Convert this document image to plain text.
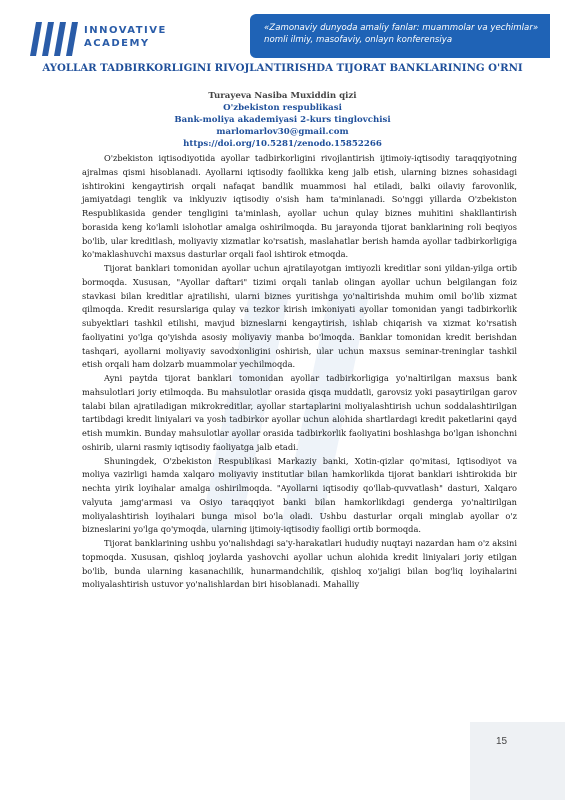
INNOVATIVE
ACADEMY
«Zamonaviy dunyoda amaliy fanlar: muammolar va yechimlar» nomli ilmiy, masofaviy, onlayn konferensiya
AYOLLAR TADBIRKORLIGINI RIVOJLANTIRISHDA TIJORAT BANKLARINING O'RNI
Turayeva Nasiba Muxiddin qizi
O'zbekiston respublikasi
Bank-moliya akademiyasi 2-kurs tinglovchisi
marlomarlov30@gmail.com
https://doi.org/10.5281/zenodo.15852266

O'zbekiston iqtisodiyotida ayollar tadbirkorligini rivojlantirish ijtimoiy-iqtisodiy taraqqiyotning ajralmas qismi hisoblanadi. Ayollarni iqtisodiy faollikka keng jalb etish, ularning biznes sohasidagi ishtirokini kengaytirish orqali nafaqat bandlik muammosi hal etiladi, balki oilaviy farovonlik, jamiyatdagi tenglik va inklyuziv iqtisodiy o'sish ham ta'minlanadi. So'nggi yillarda O'zbekiston Respublikasida gender tengligini ta'minlash, ayollar uchun qulay biznes muhitini shakllantirish borasida keng ko'lamli islohotlar amalga oshirilmoqda. Bu jarayonda tijorat banklarining roli beqiyos bo'lib, ular kreditlash, moliyaviy xizmatlar ko'rsatish, maslahatlar berish hamda ayollar tadbirkorligiga ko'maklashuvchi maxsus dasturlar orqali faol ishtirok etmoqda.

Tijorat banklari tomonidan ayollar uchun ajratilayotgan imtiyozli kreditlar soni yildan-yilga ortib bormoqda. Xususan, "Ayollar daftari" tizimi orqali tanlab olingan ayollar uchun belgilangan foiz stavkasi bilan kreditlar ajratilishi, ularni biznes yuritishga yo'naltirishda muhim omil bo'lib xizmat qilmoqda. Kredit resurslariga qulay va tezkor kirish imkoniyati ayollar tomonidan yangi tadbirkorlik subyektlari tashkil etilishi, mavjud bizneslarni kengaytirish, ishlab chiqarish va xizmat ko'rsatish faoliyatini yo'lga qo'yishda asosiy moliyaviy manba bo'lmoqda. Banklar tomonidan kredit berishdan tashqari, ayollarni moliyaviy savodxonligini oshirish, ular uchun maxsus seminar-treninglar tashkil etish orqali ham dolzarb muammolar yechilmoqda.

Ayni paytda tijorat banklari tomonidan ayollar tadbirkorligiga yo'naltirilgan maxsus bank mahsulotlari joriy etilmoqda. Bu mahsulotlar orasida qisqa muddatli, garovsiz yoki pasaytirilgan garov talabi bilan ajratiladigan mikrokreditlar, ayollar startaplarini moliyalashtirish uchun soddalashtirilgan tartibdagi kredit liniyalari va yosh tadbirkor ayollar uchun alohida shartlardagi kredit paketlarini qayd etish mumkin. Bunday mahsulotlar ayollar orasida tadbirkorlik faoliyatini boshlashga bo'lgan ishonchni oshirib, ularni rasmiy iqtisodiy faoliyatga jalb etadi.

Shuningdek, O'zbekiston Respublikasi Markaziy banki, Xotin-qizlar qo'mitasi, Iqtisodiyot va moliya vazirligi hamda xalqaro moliyaviy institutlar bilan hamkorlikda tijorat banklari ishtirokida bir nechta yirik loyihalar amalga oshirilmoqda. "Ayollarni iqtisodiy qo'llab-quvvatlash" dasturi, Xalqaro valyuta jamg'armasi va Osiyo taraqqiyot banki bilan hamkorlikdagi genderga yo'naltirilgan moliyalashtirish loyihalari bunga misol bo'la oladi. Ushbu dasturlar orqali minglab ayollar o'z bizneslarini yo'lga qo'ymoqda, ularning ijtimoiy-iqtisodiy faolligi ortib bormoqda.

Tijorat banklarining ushbu yo'nalishdagi sa'y-harakatlari hududiy nuqtayi nazardan ham o'z aksini topmoqda. Xususan, qishloq joylarda yashovchi ayollar uchun alohida kredit liniyalari joriy etilgan bo'lib, bunda ularning kasanachilik, hunarmandchilik, qishloq xo'jaligi bilan bog'liq loyihalarini moliyalashtirish ustuvor yo'nalishlardan biri hisoblanadi. Mahalliy

15
